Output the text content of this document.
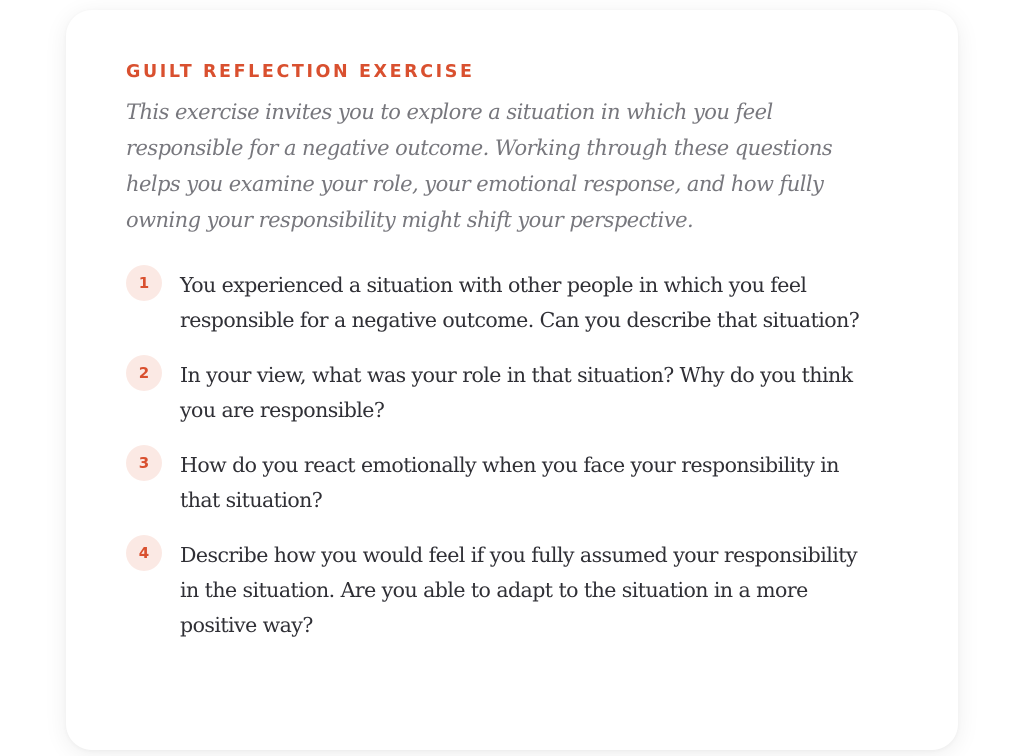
GUILT REFLECTION EXERCISE

This exercise invites you to explore a situation in which you feel responsible for a negative outcome. Working through these questions helps you examine your role, your emotional response, and how fully owning your responsibility might shift your perspective.

1	You experienced a situation with other people in which you feel responsible for a negative outcome. Can you describe that situation?
2	In your view, what was your role in that situation? Why do you think you are responsible?
3	How do you react emotionally when you face your responsibility in that situation?
4	Describe how you would feel if you fully assumed your responsibility in the situation. Are you able to adapt to the situation in a more positive way?
